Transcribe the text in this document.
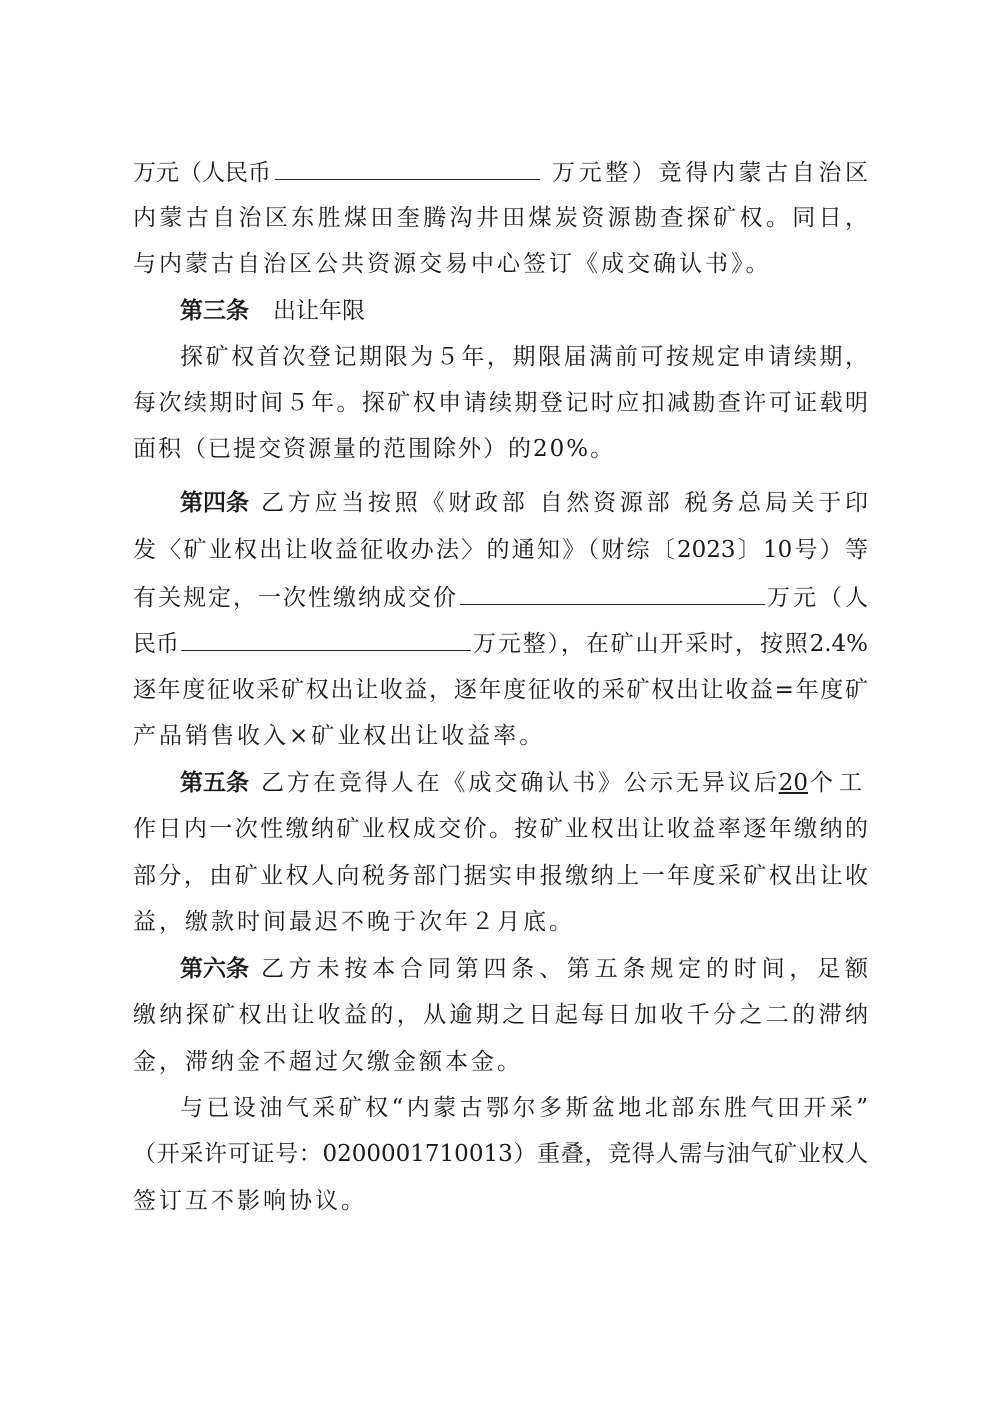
万元（人民币	万元整）竞得内蒙古自治区
内蒙古自治区东胜煤田奎腾沟井田煤炭资源勘查探矿权。同日，
与内蒙古自治区公共资源交易中心签订《成交确认书》。
第三条 出让年限
探矿权首次登记期限为５年，期限届满前可按规定申请续期，
每次续期时间５年。探矿权申请续期登记时应扣减勘查许可证载明
面积（已提交资源量的范围除外）的20%。
第四条 乙方应当按照《财政部 自然资源部 税务总局关于印
发〈矿业权出让收益征收办法〉的通知》（财综〔2023〕10号）等
有关规定，一次性缴纳成交价	万元（人
民币	万元整），在矿山开采时，按照2.4%
逐年度征收采矿权出让收益，逐年度征收的采矿权出让收益=年度矿
产品销售收入×矿业权出让收益率。
第五条 乙方在竞得人在《成交确认书》公示无异议后 20 个工
作日内一次性缴纳矿业权成交价。按矿业权出让收益率逐年缴纳的
部分，由矿业权人向税务部门据实申报缴纳上一年度采矿权出让收
益，缴款时间最迟不晚于次年２月底。
第六条 乙方未按本合同第四条、第五条规定的时间，足额
缴纳探矿权出让收益的，从逾期之日起每日加收千分之二的滞纳
金，滞纳金不超过欠缴金额本金。
与已设油气采矿权“内蒙古鄂尔多斯盆地北部东胜气田开采”
（开采许可证号：0200001710013）重叠，竞得人需与油气矿业权人
签订互不影响协议。
